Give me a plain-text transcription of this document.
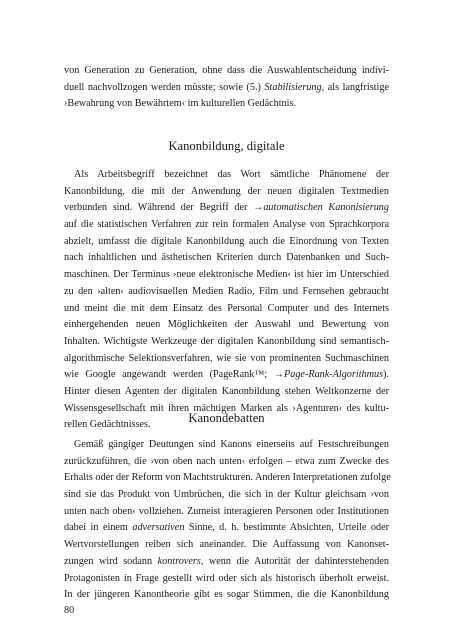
von Generation zu Generation, ohne dass die Auswahlentscheidung indivi-
duell nachvollzogen werden müsste; sowie (5.) Stabilisierung, als langfristige
›Bewahrung von Bewährtem‹ im kulturellen Gedächtnis.
Kanonbildung, digitale
Als Arbeitsbegriff bezeichnet das Wort sämtliche Phänomene der
Kanonbildung, die mit der Anwendung der neuen digitalen Textmedien
verbunden sind. Während der Begriff der →automatischen Kanonisierung
auf die statistischen Verfahren zur rein formalen Analyse von Sprachkorpora
abzielt, umfasst die digitale Kanonbildung auch die Einordnung von Texten
nach inhaltlichen und ästhetischen Kriterien durch Datenbanken und Such-
maschinen. Der Terminus ›neue elektronische Medien‹ ist hier im Unterschied
zu den ›alten‹ audiovisuellen Medien Radio, Film und Fernsehen gebraucht
und meint die mit dem Einsatz des Personal Computer und des Internets
einhergehenden neuen Möglichkeiten der Auswahl und Bewertung von
Inhalten. Wichtigste Werkzeuge der digitalen Kanonbildung sind semantisch-
algorithmische Selektionsverfahren, wie sie von prominenten Suchmaschinen
wie Google angewandt werden (PageRank™; →Page-Rank-Algorithmus).
Hinter diesen Agenten der digitalen Kanonbildung stehen Weltkonzerne der
Wissensgesellschaft mit ihren mächtigen Marken als ›Agenturen‹ des kultu-
rellen Gedächtnisses.	Kanondebatten
Gemäß gängiger Deutungen sind Kanons einerseits auf Festschreibungen
zurückzuführen, die ›von oben nach unten‹ erfolgen – etwa zum Zwecke des
Erhalts oder der Reform von Machtstrukturen. Anderen Interpretationen zufolge
sind sie das Produkt von Umbrüchen, die sich in der Kultur gleichsam ›von
unten nach oben‹ vollziehen. Zumeist interagieren Personen oder Institutionen
dabei in einem adversativen Sinne, d. h. bestimmte Absichten, Urteile oder
Wertvorstellungen reiben sich aneinander. Die Auffassung von Kanonset-
zungen wird sodann kontrovers, wenn die Autorität der dahinterstehenden
Protagonisten in Frage gestellt wird oder sich als historisch überholt erweist.
In der jüngeren Kanontheorie gibt es sogar Stimmen, die die Kanonbildung
80
